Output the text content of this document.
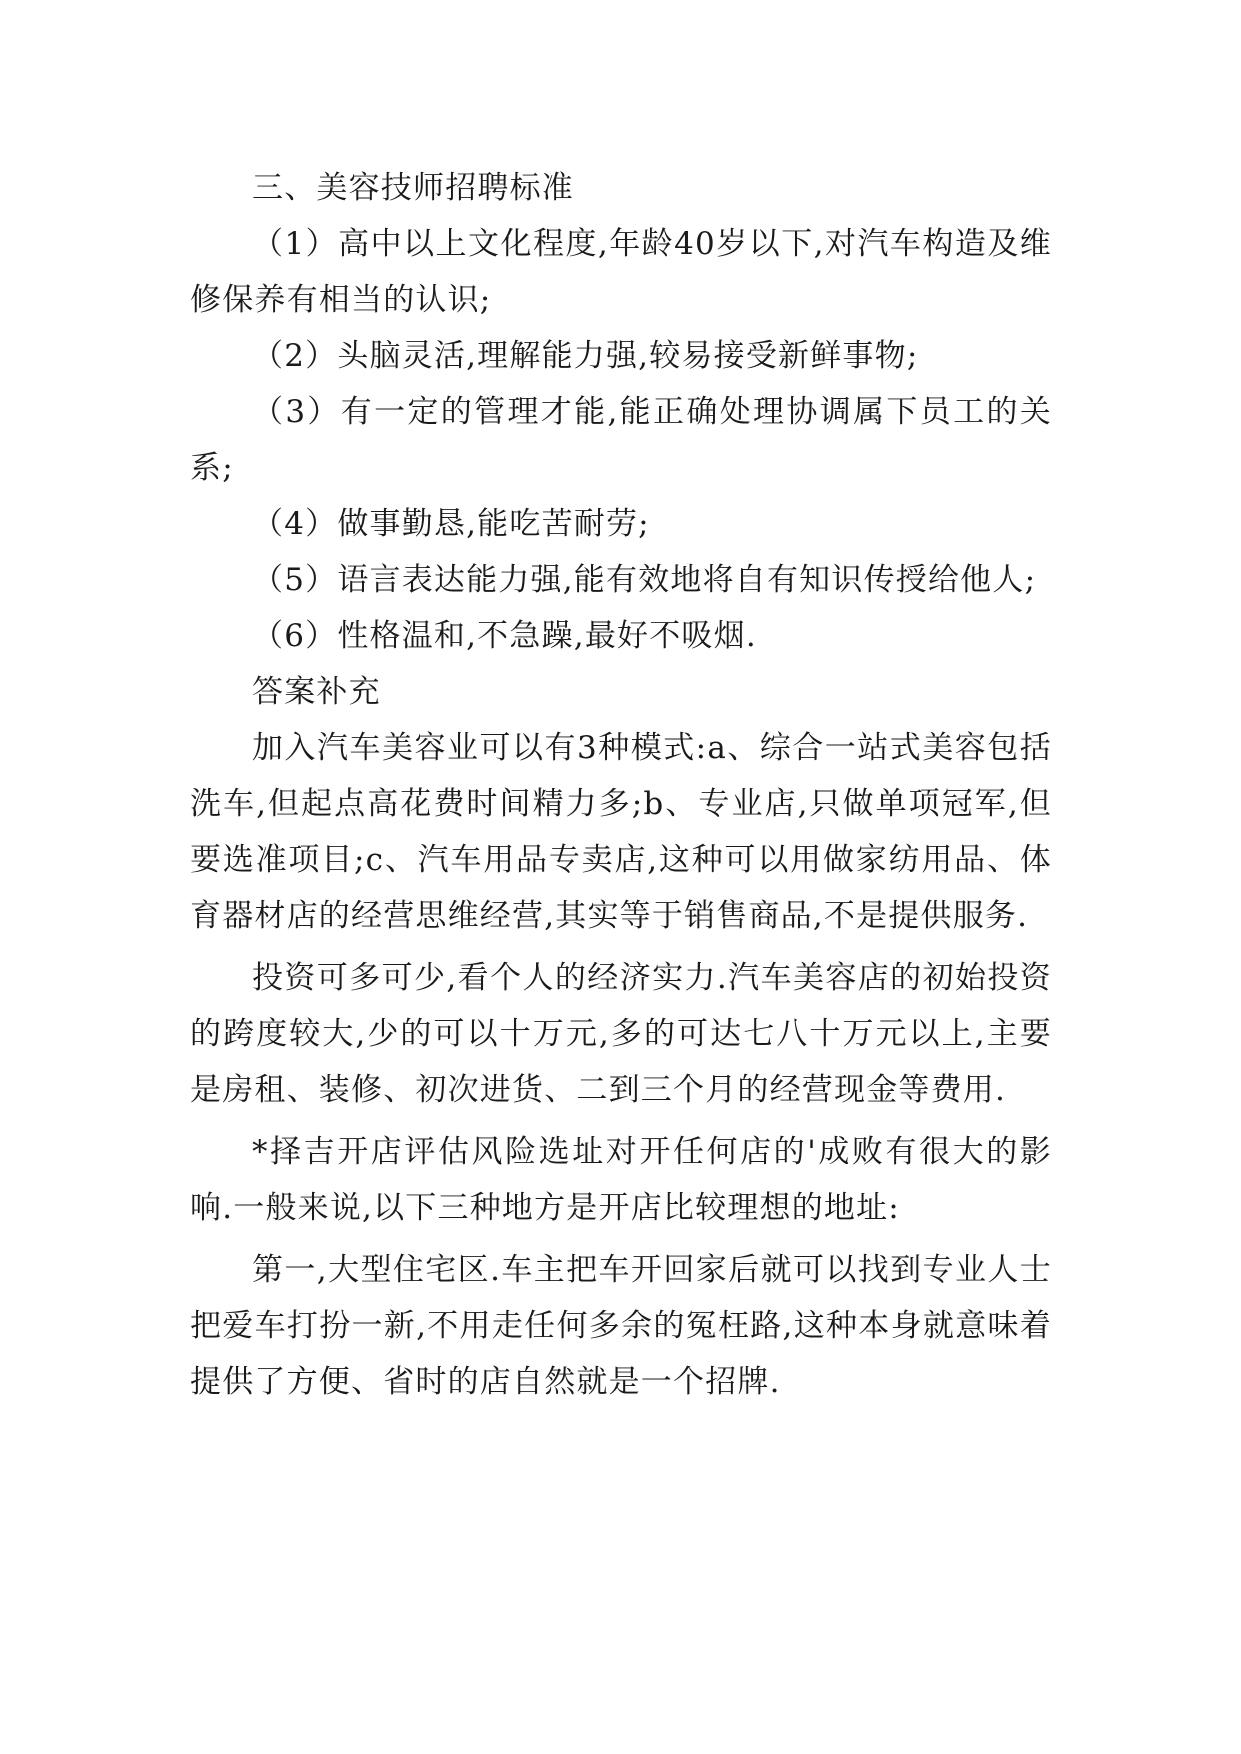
三、美容技师招聘标准

（1）高中以上文化程度,年龄40岁以下,对汽车构造及维修保养有相当的认识;

（2）头脑灵活,理解能力强,较易接受新鲜事物;

（3）有一定的管理才能,能正确处理协调属下员工的关系;

（4）做事勤恳,能吃苦耐劳;

（5）语言表达能力强,能有效地将自有知识传授给他人;

（6）性格温和,不急躁,最好不吸烟.

答案补充

加入汽车美容业可以有3种模式:a、综合一站式美容包括洗车,但起点高花费时间精力多;b、专业店,只做单项冠军,但要选准项目;c、汽车用品专卖店,这种可以用做家纺用品、体育器材店的经营思维经营,其实等于销售商品,不是提供服务.

投资可多可少,看个人的经济实力.汽车美容店的初始投资的跨度较大,少的可以十万元,多的可达七八十万元以上,主要是房租、装修、初次进货、二到三个月的经营现金等费用.

*择吉开店评估风险选址对开任何店的'成败有很大的影响.一般来说,以下三种地方是开店比较理想的地址:

第一,大型住宅区.车主把车开回家后就可以找到专业人士把爱车打扮一新,不用走任何多余的冤枉路,这种本身就意味着提供了方便、省时的店自然就是一个招牌.
